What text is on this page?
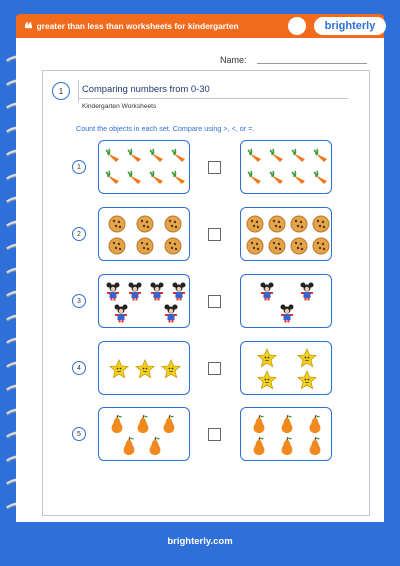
❝ greater than less than worksheets for kindergarten	brighterly
Name:
1	Comparing numbers from 0-30
Kindergarten Worksheets
Count the objects in each set. Compare using >, <, or =.
1
2
3
4
5
brighterly.com
